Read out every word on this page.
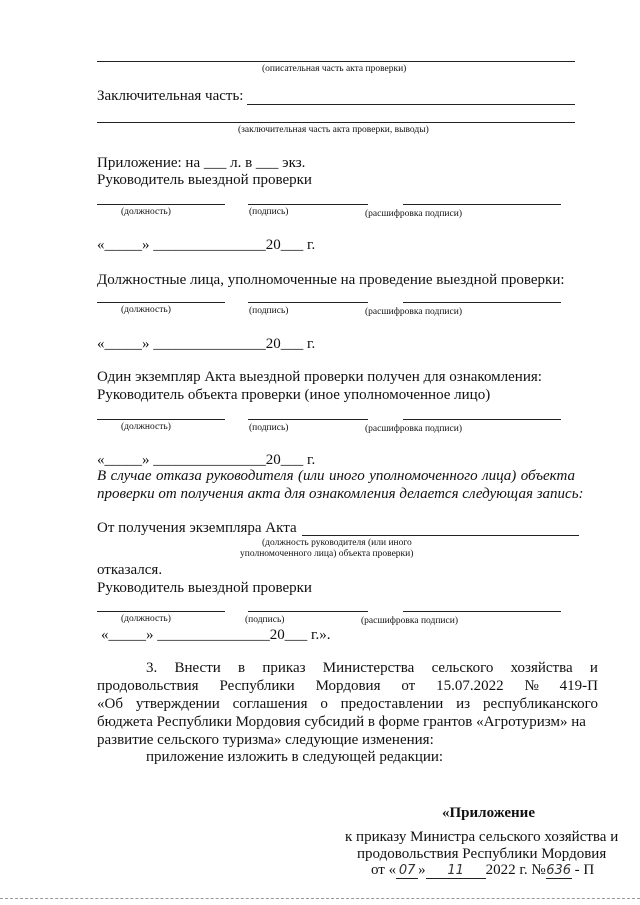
(описательная часть акта проверки)
Заключительная часть:
(заключительная часть акта проверки, выводы)
Приложение: на ___ л. в ___ экз.
Руководитель выездной проверки
(должность)	(подпись)	(расшифровка подписи)
«_____» _______________20___ г.
Должностные лица, уполномоченные на проведение выездной проверки:
(должность)	(подпись)	(расшифровка подписи)
«_____» _______________20___ г.
Один экземпляр Акта выездной проверки получен для ознакомления:
Руководитель объекта проверки (иное уполномоченное лицо)
(должность)	(подпись)	(расшифровка подписи)
«_____» _______________20___ г.
В случае отказа руководителя (или иного уполномоченного лица) объекта
проверки от получения акта для ознакомления делается следующая запись:
От получения экземпляра Акта
(должность руководителя (или иного
уполномоченного лица) объекта проверки)
отказался.
Руководитель выездной проверки
(должность)	(подпись)	(расшифровка подписи)
«_____» _______________20___ г.».
3. Внести в приказ Министерства сельского хозяйства и
продовольствия Республики Мордовия от 15.07.2022 № 419-П
«Об утверждении соглашения о предоставлении из республиканского
бюджета Республики Мордовия субсидий в форме грантов «Агротуризм» на
развитие сельского туризма» следующие изменения:
приложение изложить в следующей редакции:
«Приложение
к приказу Министра сельского хозяйства и
продовольствия Республики Мордовия
от « 07 » 11 2022 г. №636 - П
